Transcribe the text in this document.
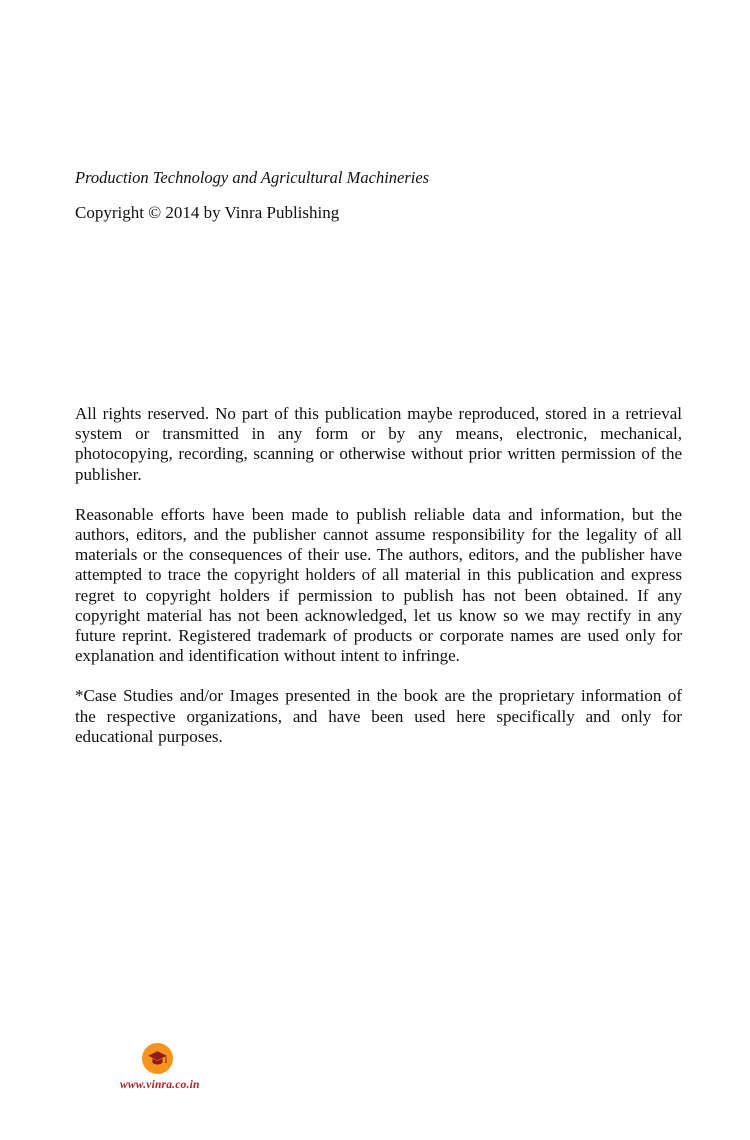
Production Technology and Agricultural Machineries
Copyright © 2014 by Vinra Publishing

All rights reserved. No part of this publication maybe reproduced, stored in a retrieval system or transmitted in any form or by any means, electronic, mechanical, photocopying, recording, scanning or otherwise without prior written permission of the publisher.

Reasonable efforts have been made to publish reliable data and information, but the authors, editors, and the publisher cannot assume responsibility for the legality of all materials or the consequences of their use. The authors, editors, and the publisher have attempted to trace the copyright holders of all material in this publication and express regret to copyright holders if permission to publish has not been obtained. If any copyright material has not been acknowledged, let us know so we may rectify in any future reprint. Registered trademark of products or corporate names are used only for explanation and identification without intent to infringe.

*Case Studies and/or Images presented in the book are the proprietary information of the respective organizations, and have been used here specifically and only for educational purposes.

www.vinra.co.in
